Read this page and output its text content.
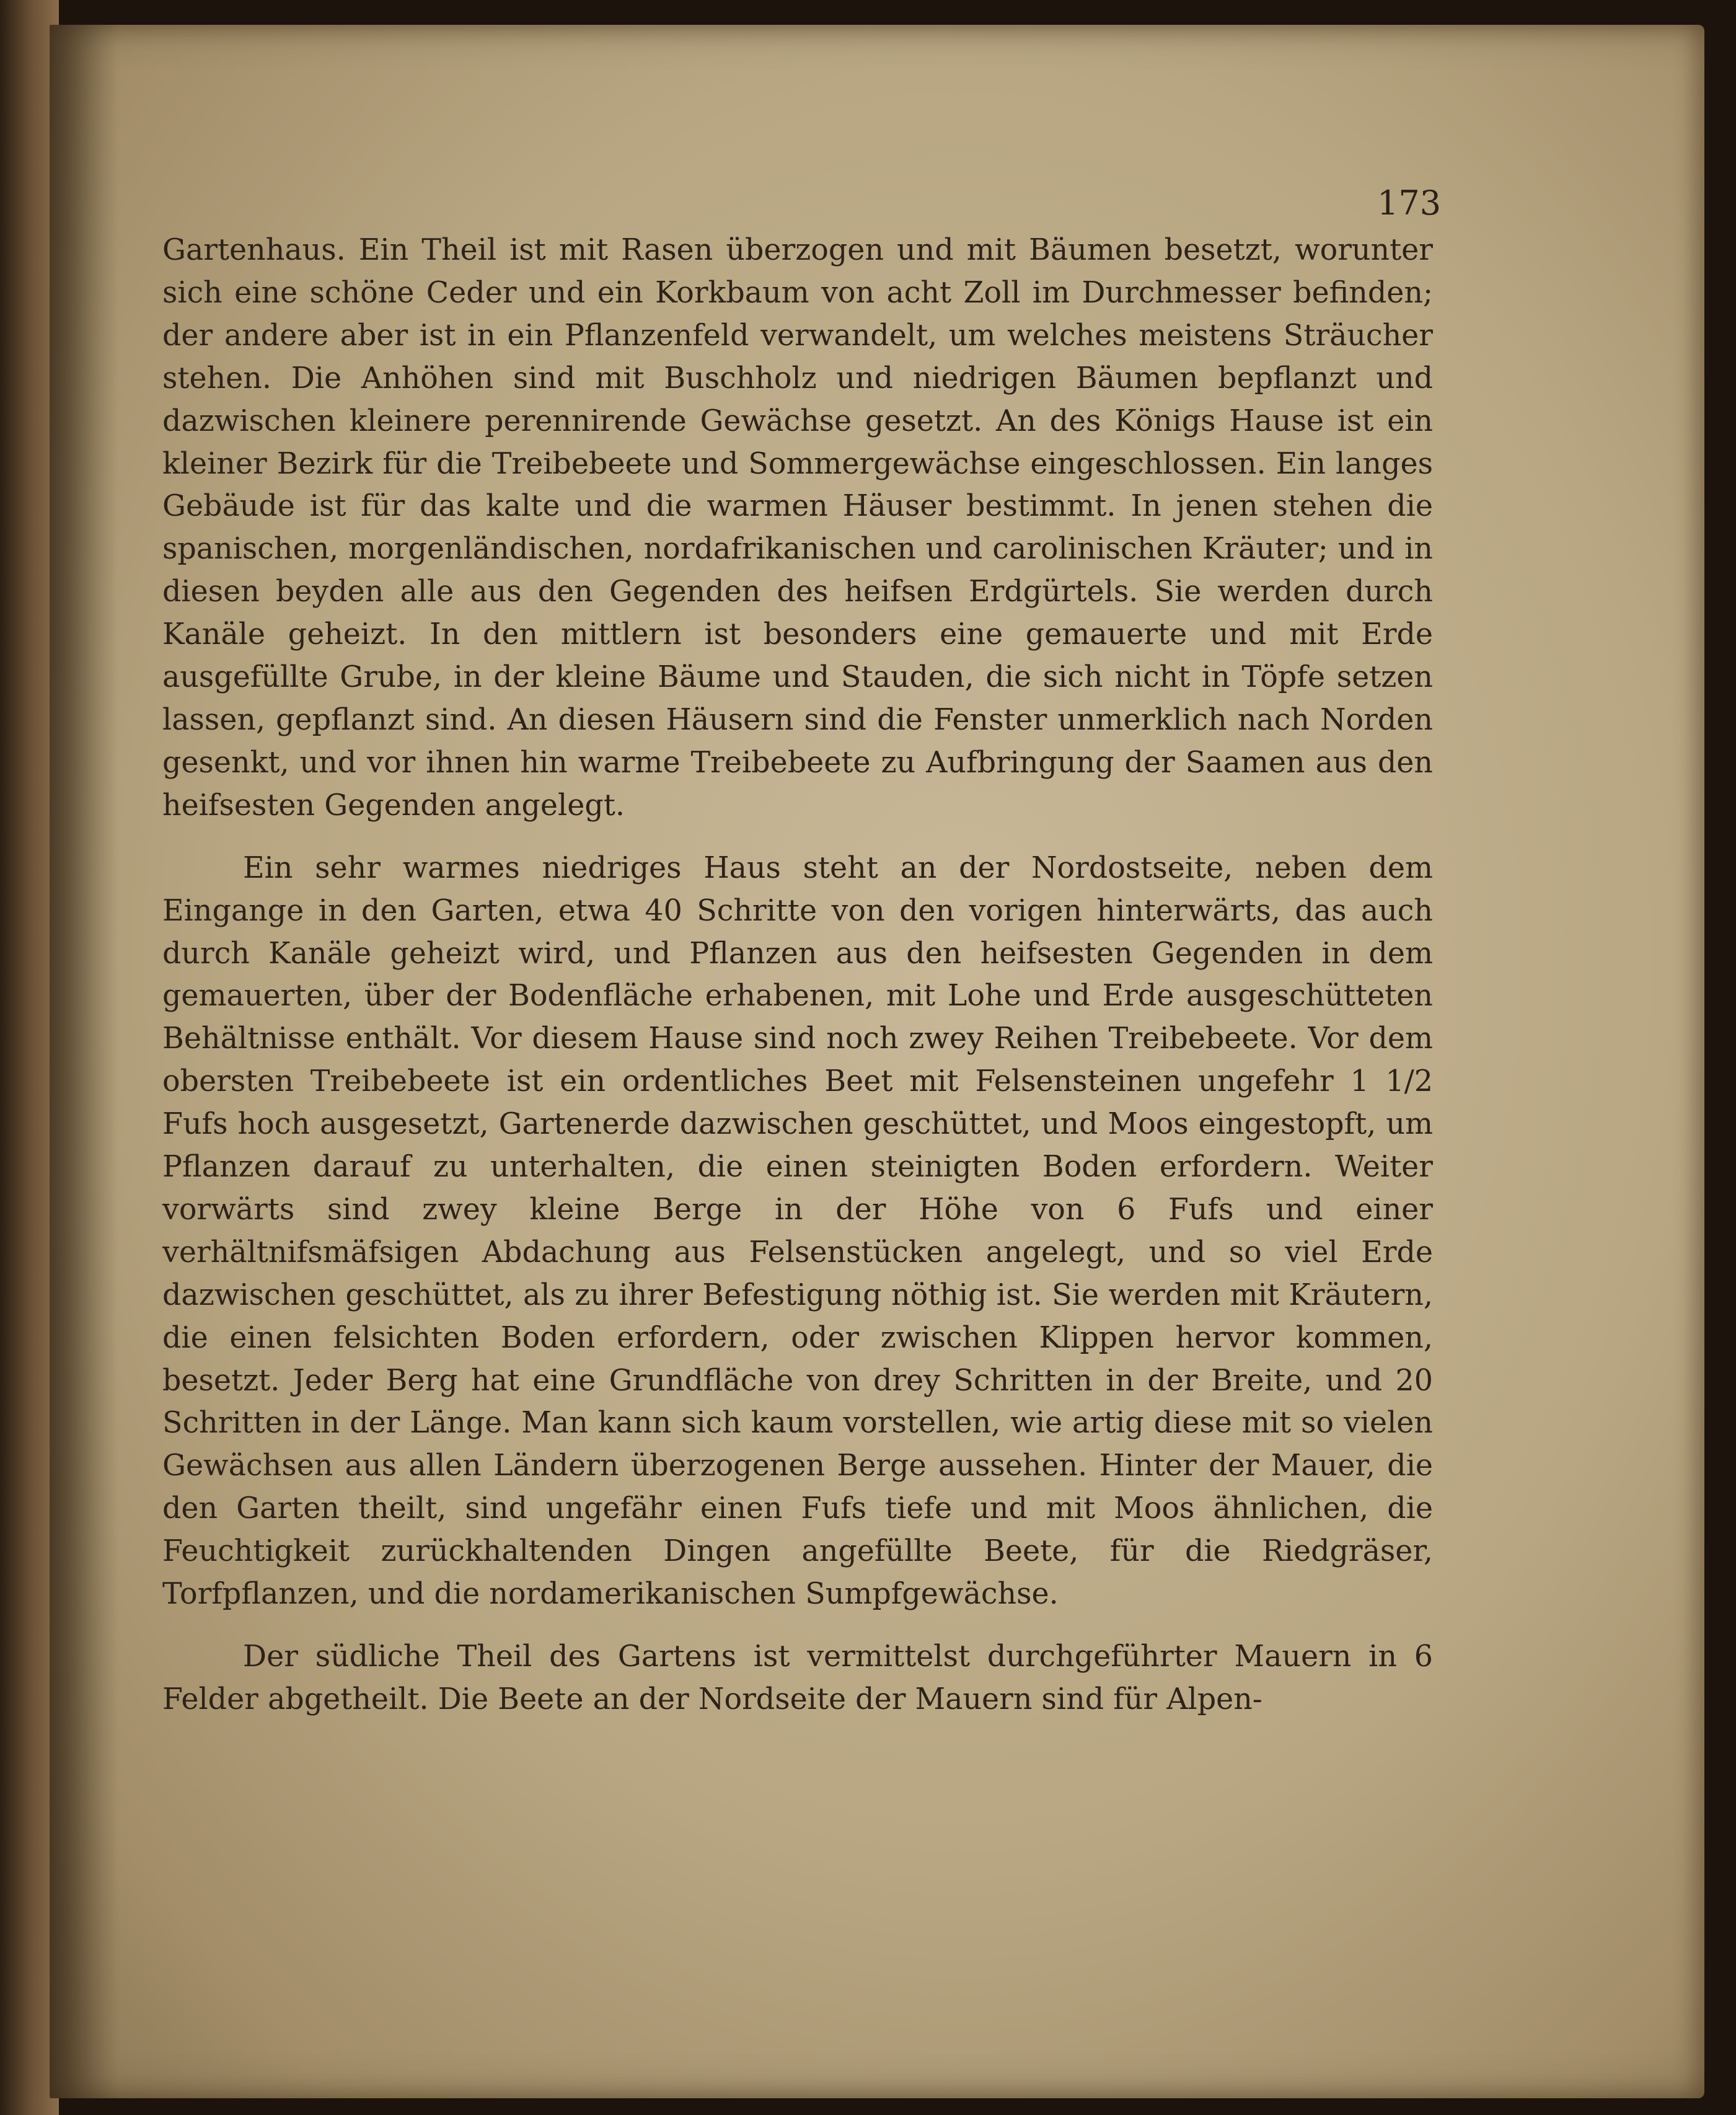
173

Gartenhaus. Ein Theil ist mit Rasen überzogen und mit Bäumen besetzt, worunter sich eine schöne Ceder und ein Korkbaum von acht Zoll im Durchmesser befinden; der andere aber ist in ein Pflanzenfeld verwandelt, um welches meistens Sträucher stehen. Die Anhöhen sind mit Buschholz und niedrigen Bäumen bepflanzt und dazwischen kleinere perennirende Gewächse gesetzt. An des Königs Hause ist ein kleiner Bezirk für die Treibebeete und Sommergewächse eingeschlossen. Ein langes Gebäude ist für das kalte und die warmen Häuser bestimmt. In jenen stehen die spanischen, morgenländischen, nordafrikanischen und carolinischen Kräuter; und in diesen beyden alle aus den Gegenden des heifsen Erdgürtels. Sie werden durch Kanäle geheizt. In den mittlern ist besonders eine gemauerte und mit Erde ausgefüllte Grube, in der kleine Bäume und Stauden, die sich nicht in Töpfe setzen lassen, gepflanzt sind. An diesen Häusern sind die Fenster unmerklich nach Norden gesenkt, und vor ihnen hin warme Treibebeete zu Aufbringung der Saamen aus den heifsesten Gegenden angelegt.

Ein sehr warmes niedriges Haus steht an der Nordostseite, neben dem Eingange in den Garten, etwa 40 Schritte von den vorigen hinterwärts, das auch durch Kanäle geheizt wird, und Pflanzen aus den heifsesten Gegenden in dem gemauerten, über der Bodenfläche erhabenen, mit Lohe und Erde ausgeschütteten Behältnisse enthält. Vor diesem Hause sind noch zwey Reihen Treibebeete. Vor dem obersten Treibebeete ist ein ordentliches Beet mit Felsensteinen ungefehr 1 1/2 Fufs hoch ausgesetzt, Gartenerde dazwischen geschüttet, und Moos eingestopft, um Pflanzen darauf zu unterhalten, die einen steinigten Boden erfordern. Weiter vorwärts sind zwey kleine Berge in der Höhe von 6 Fufs und einer verhältnifsmäfsigen Abdachung aus Felsenstücken angelegt, und so viel Erde dazwischen geschüttet, als zu ihrer Befestigung nöthig ist. Sie werden mit Kräutern, die einen felsichten Boden erfordern, oder zwischen Klippen hervor kommen, besetzt. Jeder Berg hat eine Grundfläche von drey Schritten in der Breite, und 20 Schritten in der Länge. Man kann sich kaum vorstellen, wie artig diese mit so vielen Gewächsen aus allen Ländern überzogenen Berge aussehen. Hinter der Mauer, die den Garten theilt, sind ungefähr einen Fufs tiefe und mit Moos ähnlichen, die Feuchtigkeit zurückhaltenden Dingen angefüllte Beete, für die Riedgräser, Torfpflanzen, und die nordamerikanischen Sumpfgewächse.

Der südliche Theil des Gartens ist vermittelst durchgeführter Mauern in 6 Felder abgetheilt. Die Beete an der Nordseite der Mauern sind für Alpen-
